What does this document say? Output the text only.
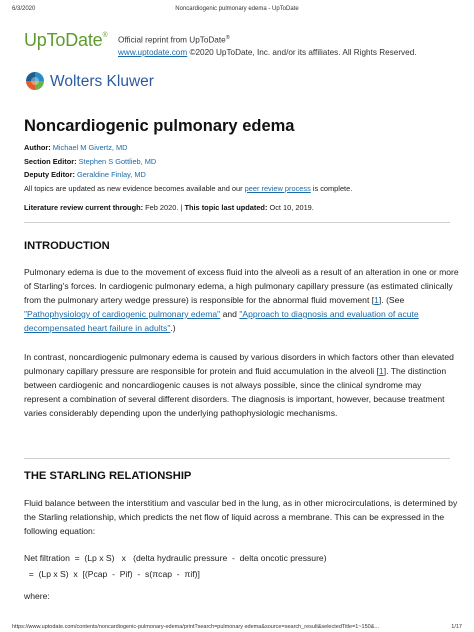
6/3/2020	Noncardiogenic pulmonary edema - UpToDate
UpToDate®
Official reprint from UpToDate®
www.uptodate.com ©2020 UpToDate, Inc. and/or its affiliates. All Rights Reserved.
Wolters Kluwer
Noncardiogenic pulmonary edema
Author: Michael M Givertz, MD
Section Editor: Stephen S Gottlieb, MD
Deputy Editor: Geraldine Finlay, MD
All topics are updated as new evidence becomes available and our peer review process is complete.
Literature review current through: Feb 2020. | This topic last updated: Oct 10, 2019.
INTRODUCTION

Pulmonary edema is due to the movement of excess fluid into the alveoli as a result of an alteration in one or more of Starling's forces. In cardiogenic pulmonary edema, a high pulmonary capillary pressure (as estimated clinically from the pulmonary artery wedge pressure) is responsible for the abnormal fluid movement [1]. (See "Pathophysiology of cardiogenic pulmonary edema" and "Approach to diagnosis and evaluation of acute decompensated heart failure in adults".)

In contrast, noncardiogenic pulmonary edema is caused by various disorders in which factors other than elevated pulmonary capillary pressure are responsible for protein and fluid accumulation in the alveoli [1]. The distinction between cardiogenic and noncardiogenic causes is not always possible, since the clinical syndrome may represent a combination of several different disorders. The diagnosis is important, however, because treatment varies considerably depending upon the underlying pathophysiologic mechanisms.

THE STARLING RELATIONSHIP

Fluid balance between the interstitium and vascular bed in the lung, as in other microcirculations, is determined by the Starling relationship, which predicts the net flow of liquid across a membrane. This can be expressed in the following equation:

Net filtration  =  (Lp x S)   x   (delta hydraulic pressure  -  delta oncotic pressure)
=  (Lp x S)  x  [(Pcap  -  Pif)  -  s(πcap  -  πif)]
where:
https://www.uptodate.com/contents/noncardiogenic-pulmonary-edema/print?search=pulmonary edema&source=search_result&selectedTitle=1~150&...	1/17
